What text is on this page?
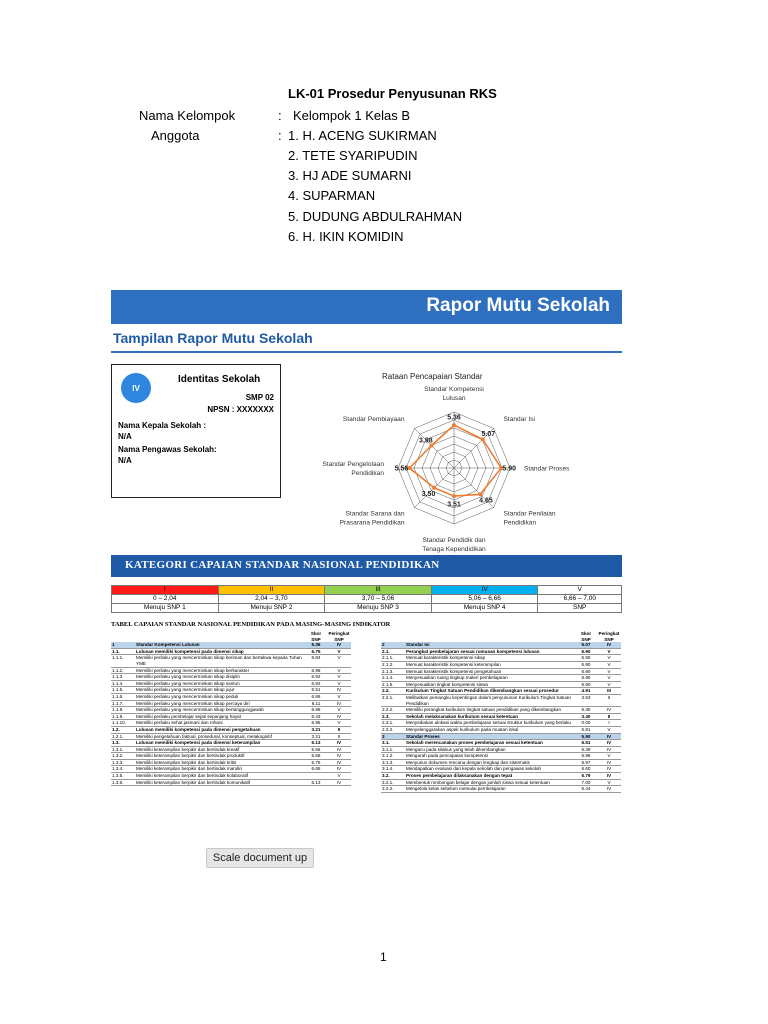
LK-01 Prosedur Penyusunan RKS
Nama Kelompok	: Kelompok 1 Kelas B
Anggota	: 1. H. ACENG SUKIRMAN
2. TETE SYARIPUDIN
3. HJ ADE SUMARNI
4. SUPARMAN
5. DUDUNG ABDULRAHMAN
6. H. IKIN KOMIDIN
Rapor Mutu Sekolah
Tampilan Rapor Mutu Sekolah
IV
Identitas Sekolah
SMP 02
NPSN : XXXXXXX
Nama Kepala Sekolah :
N/A
Nama Pengawas Sekolah:
N/A
Rataan Pencapaian Standar
5.36
5.07
5.90
4.65
3.51
3.50
5.56
3.98
Standar Kompetensi Lulusan
Standar Isi
Standar Proses
Standar Penilaian Pendidikan
Standar Pendidik dan Tenaga Kependidikan
Standar Sarana dan Prasarana Pendidikan
Standar Pengelolaan Pendidikan
Standar Pembiayaan
KATEGORI CAPAIAN STANDAR NASIONAL PENDIDIKAN
I	II	III	IV	V
0 – 2,04	2,04 – 3,70	3,70 – 5,06	5,06 – 6,66	6,66 – 7,00
Menuju SNP 1	Menuju SNP 2	Menuju SNP 3	Menuju SNP 4	SNP
TABEL CAPAIAN STANDAR NASIONAL PENDIDIKAN PADA MASING-MASING INDIKATOR
		Skor SNP	Peringkat SNP
1	Standar Kompetensi Lulusan	5.36	IV
1.1.	Lulusan memiliki kompetensi pada dimensi sikap	6.75	V
1.1.1.	Memiliki perilaku yang mencerminkan sikap beriman dan bertakwa kepada Tuhan YME	6.84	V
1.1.2.	Memiliki perilaku yang mencerminkan sikap berkarakter	6.98	V
1.1.3.	Memiliki perilaku yang mencerminkan sikap disiplin	6.92	V
1.1.4.	Memiliki perilaku yang mencerminkan sikap santun	6.92	V
1.1.5.	Memiliki perilaku yang mencerminkan sikap jujur	6.51	IV
1.1.6.	Memiliki perilaku yang mencerminkan sikap peduli	6.86	V
1.1.7.	Memiliki perilaku yang mencerminkan sikap percaya diri	6.11	IV
1.1.8.	Memiliki perilaku yang mencerminkan sikap bertanggungjawab	6.96	V
1.1.9.	Memiliki perilaku pembelajar sejati sepanjang hayat	6.43	IV
1.1.10.	Memiliki perilaku sehat jasmani dan rohani	6.95	V
1.2.	Lulusan memiliki kompetensi pada dimensi pengetahuan	3.21	II
1.2.1.	Memiliki pengetahuan faktual, prosedural, konseptual, metakognitif	3.21	II
1.3.	Lulusan memiliki kompetensi pada dimensi keterampilan	6.13	IV
1.3.1.	Memiliki keterampilan berpikir dan bertindak kreatif	5.56	IV
1.3.2.	Memiliki keterampilan berpikir dan bertindak produktif	5.68	IV
1.3.3.	Memiliki keterampilan berpikir dan bertindak kritis	5.75	IV
1.3.4.	Memiliki keterampilan berpikir dan bertindak mandiri	6.65	IV
1.3.5.	Memiliki keterampilan berpikir dan bertindak kolaboratif		V
1.3.6.	Memiliki keterampilan berpikir dan bertindak komunikatif	6.13	IV
		Skor SNP	Peringkat SNP
2	Standar Isi	5.07	IV
2.1.	Perangkat pembelajaran sesuai rumusan kompetensi lulusan	6.90	V
2.1.1.	Memuat karakteristik kompetensi sikap	6.90	V
2.1.2.	Memuat karakteristik kompetensi keterampilan	6.90	V
2.1.3.	Memuat karakteristik kompetensi pengetahuan	6.90	V
2.1.4.	Menyesuaikan ruang lingkup materi pembelajaran	6.90	V
2.1.5.	Menyesuaikan tingkat kompetensi siswa	6.90	V
2.2.	Kurikulum Tingkat Satuan Pendidikan dikembangkan sesuai prosedur	4.91	III
2.2.1.	Melibatkan pemangku kepentingan dalam penyusunan Kurikulum Tingkat Satuan Pendidikan	3.53	II
2.2.2.	Memiliki perangkat kurikulum tingkat satuan pendidikan yang dikembangkan	6.30	IV
2.3.	Sekolah melaksanakan kurikulum sesuai ketentuan	3.40	II
2.3.1.	Menyediakan alokasi waktu pembelajaran sesuai struktur kurikulum yang berlaku	0.00	I
2.3.2.	Menyelenggarakan aspek kurikulum pada muatan lokal	6.81	V
3	Standar Proses	5.90	IV
3.1.	Sekolah merencanakan proses pembelajaran sesuai ketentuan	6.51	IV
3.1.1.	Mengacu pada silabus yang telah dikembangkan	6.39	IV
3.1.2.	Mengarah pada pencapaian kompetensi	6.98	V
3.1.3.	Menyusun dokumen rencana dengan lengkap dan sistematis	5.97	IV
3.1.4.	Mendapatkan evaluasi dari kepala sekolah dan pengawas sekolah	6.60	IV
3.2.	Proses pembelajaran dilaksanakan dengan tepat	5.79	IV
3.2.1.	Membentuk rombongan belajar dengan jumlah siswa sesuai ketentuan	7.00	V
3.2.2.	Mengelola kelas sebelum memulai pembelajaran	6.44	IV
Scale document up
1
